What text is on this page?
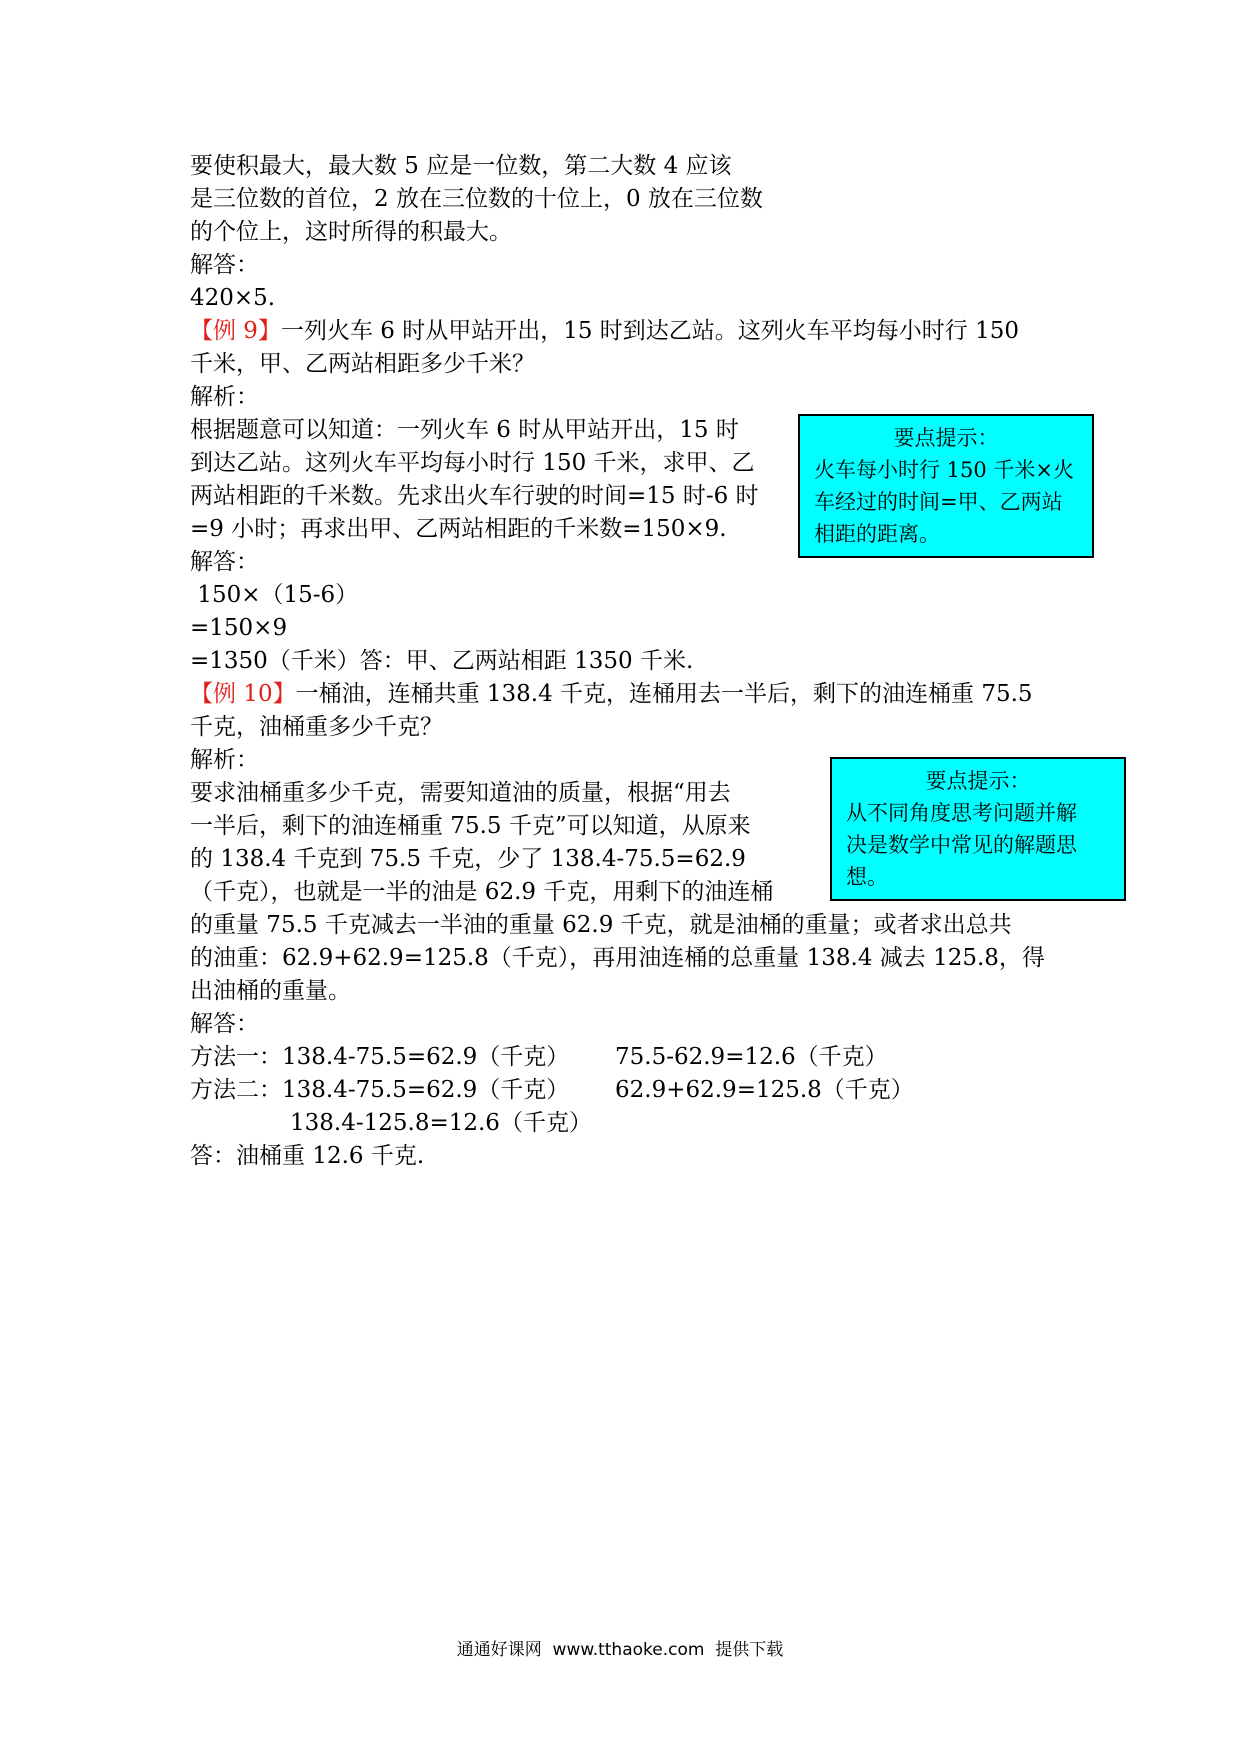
要使积最大，最大数 5 应是一位数，第二大数 4 应该
是三位数的首位，2 放在三位数的十位上，0 放在三位数
的个位上，这时所得的积最大。
解答：
420×5.
【例 9】一列火车 6 时从甲站开出，15 时到达乙站。这列火车平均每小时行 150
千米，甲、乙两站相距多少千米？
解析：
根据题意可以知道：一列火车 6 时从甲站开出，15 时
到达乙站。这列火车平均每小时行 150 千米，求甲、乙
两站相距的千米数。先求出火车行驶的时间=15 时-6 时
=9 小时；再求出甲、乙两站相距的千米数=150×9.
解答：
150×（15-6）
=150×9
=1350（千米）答：甲、乙两站相距 1350 千米.
【例 10】一桶油，连桶共重 138.4 千克，连桶用去一半后，剩下的油连桶重 75.5
千克，油桶重多少千克？
解析：
要求油桶重多少千克，需要知道油的质量，根据“用去
一半后，剩下的油连桶重 75.5 千克”可以知道，从原来
的 138.4 千克到 75.5 千克，少了 138.4-75.5=62.9
（千克），也就是一半的油是 62.9 千克，用剩下的油连桶
的重量 75.5 千克减去一半油的重量 62.9 千克，就是油桶的重量；或者求出总共
的油重：62.9+62.9=125.8（千克），再用油连桶的总重量 138.4 减去 125.8，得
出油桶的重量。
解答：
方法一：138.4-75.5=62.9（千克） 75.5-62.9=12.6（千克）
方法二：138.4-75.5=62.9（千克） 62.9+62.9=125.8（千克）
138.4-125.8=12.6（千克）
答：油桶重 12.6 千克.
要点提示：
火车每小时行 150 千米×火
车经过的时间=甲、乙两站
相距的距离。
要点提示：
从不同角度思考问题并解
决是数学中常见的解题思
想。
通通好课网  www.tthaoke.com  提供下载
